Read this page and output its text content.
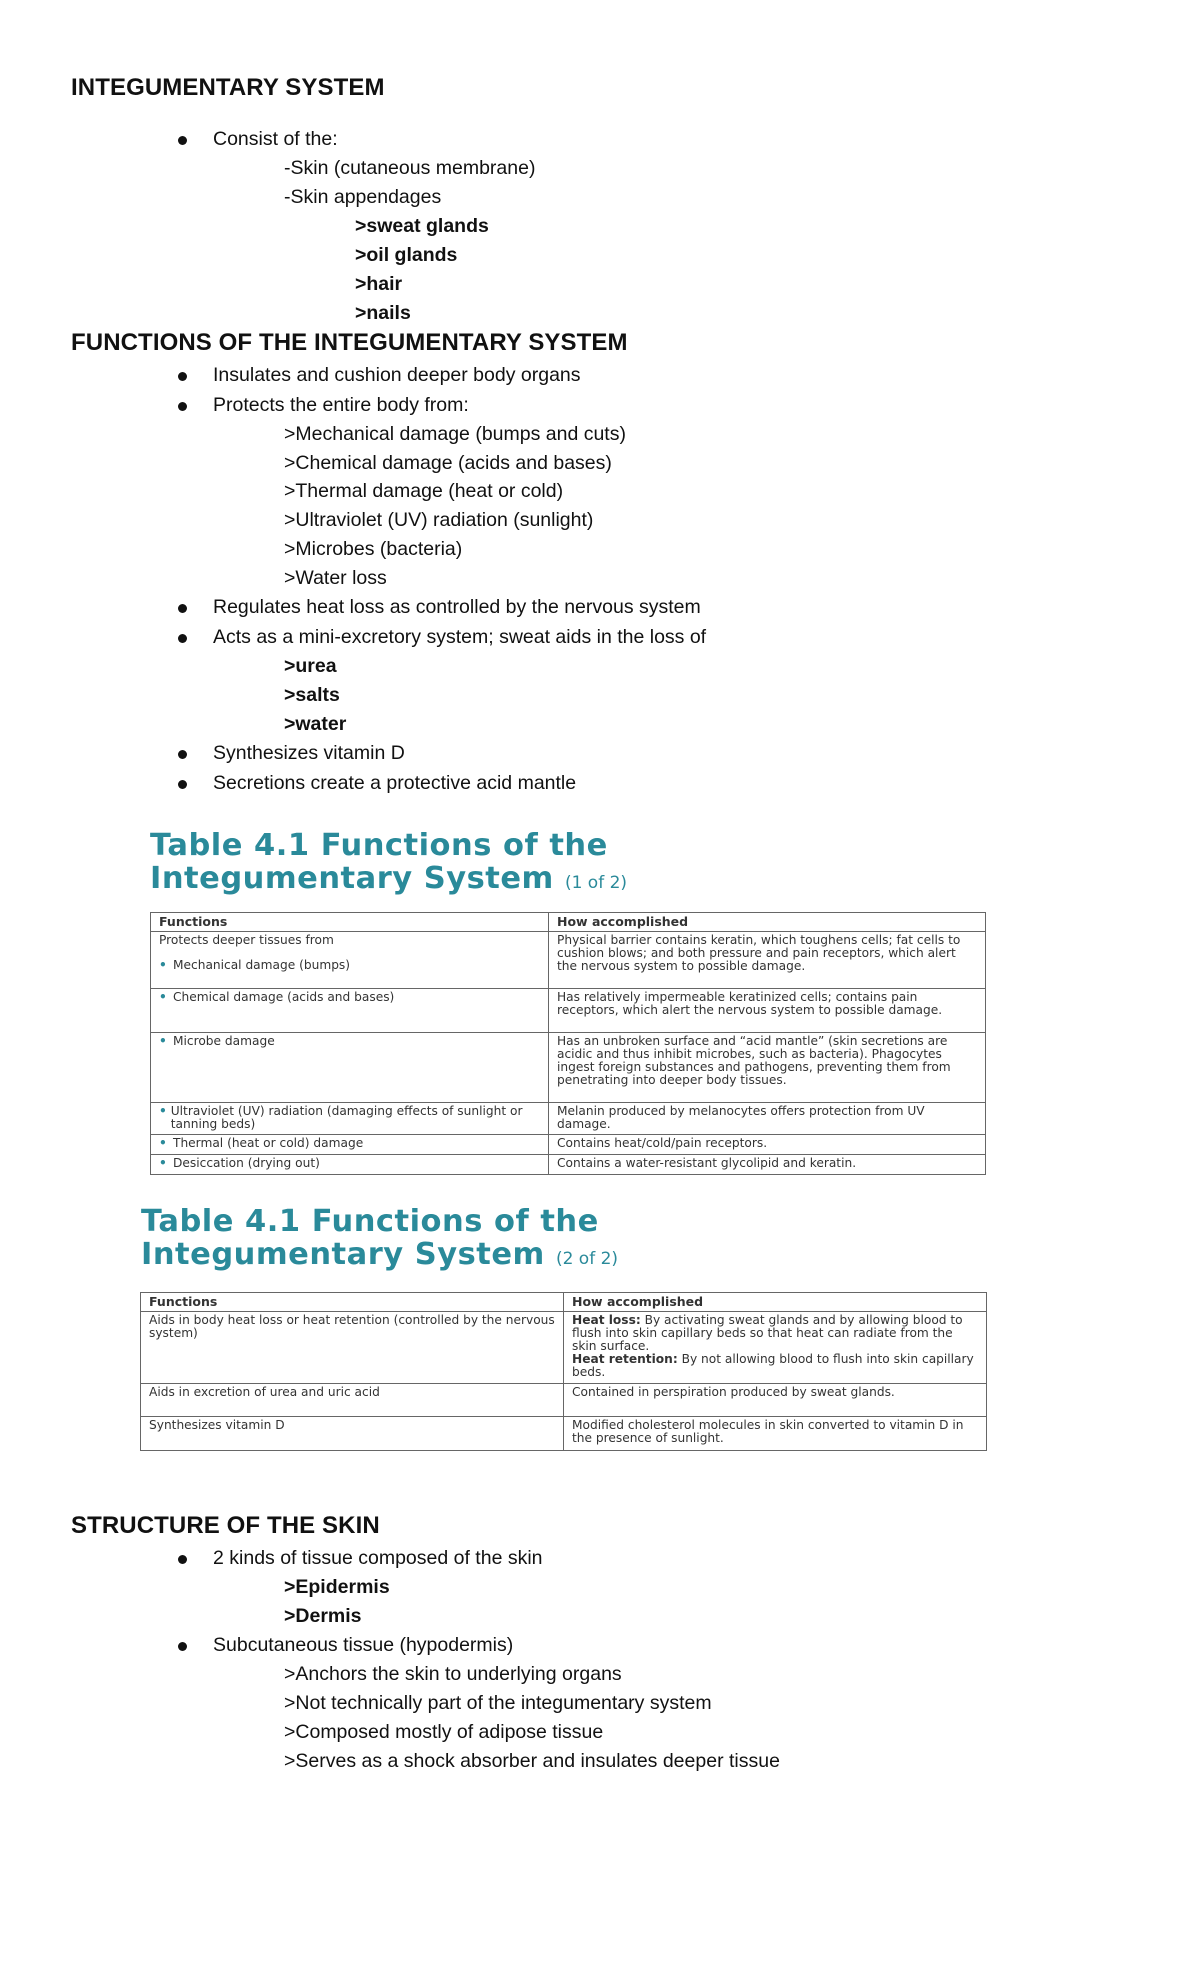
INTEGUMENTARY SYSTEM
Consist of the:
-Skin (cutaneous membrane)
-Skin appendages
>sweat glands
>oil glands
>hair
>nails
FUNCTIONS OF THE INTEGUMENTARY SYSTEM
Insulates and cushion deeper body organs
Protects the entire body from:
>Mechanical damage (bumps and cuts)
>Chemical damage (acids and bases)
>Thermal damage (heat or cold)
>Ultraviolet (UV) radiation (sunlight)
>Microbes (bacteria)
>Water loss
Regulates heat loss as controlled by the nervous system
Acts as a mini-excretory system; sweat aids in the loss of
>urea
>salts
>water
Synthesizes vitamin D
Secretions create a protective acid mantle
Table 4.1 Functions of the
Integumentary System (1 of 2)
Functions	How accomplished

Protects deeper tissues from
• Mechanical damage (bumps)	Physical barrier contains keratin, which toughens cells; fat cells to cushion blows; and both pressure and pain receptors, which alert the nervous system to possible damage.
• Chemical damage (acids and bases)	Has relatively impermeable keratinized cells; contains pain receptors, which alert the nervous system to possible damage.
• Microbe damage	Has an unbroken surface and “acid mantle” (skin secretions are acidic and thus inhibit microbes, such as bacteria). Phagocytes ingest foreign substances and pathogens, preventing them from penetrating into deeper body tissues.

• Ultraviolet (UV) radiation (damaging effects of sunlight or tanning beds)	Melanin produced by melanocytes offers protection from UV damage.
• Thermal (heat or cold) damage	Contains heat/cold/pain receptors.
• Desiccation (drying out)	Contains a water-resistant glycolipid and keratin.
Table 4.1 Functions of the
Integumentary System (2 of 2)
Functions	How accomplished
Aids in body heat loss or heat retention (controlled by the nervous system)	Heat loss: By activating sweat glands and by allowing blood to flush into skin capillary beds so that heat can radiate from the skin surface.
Heat retention: By not allowing blood to flush into skin capillary beds.
Aids in excretion of urea and uric acid	Contained in perspiration produced by sweat glands.
Synthesizes vitamin D	Modified cholesterol molecules in skin converted to vitamin D in the presence of sunlight.
STRUCTURE OF THE SKIN
2 kinds of tissue composed of the skin
>Epidermis
>Dermis
Subcutaneous tissue (hypodermis)
>Anchors the skin to underlying organs
>Not technically part of the integumentary system
>Composed mostly of adipose tissue
>Serves as a shock absorber and insulates deeper tissue
